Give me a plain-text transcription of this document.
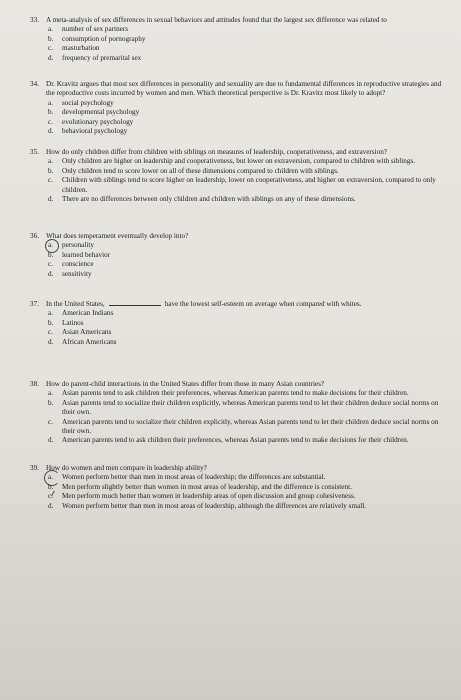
33. A meta-analysis of sex differences in sexual behaviors and attitudes found that the largest sex difference was related to
a.	number of sex partners
b.	consumption of pornography
c.	masturbation
d.	frequency of premarital sex
34. Dr. Kravitz argues that most sex differences in personality and sexuality are due to fundamental differences in reproductive strategies and the reproductive costs incurred by women and men. Which theoretical perspective is Dr. Kravitz most likely to adopt?
a.	social psychology
b.	developmental psychology
c.	evolutionary psychology
d.	behavioral psychology
35. How do only children differ from children with siblings on measures of leadership, cooperativeness, and extraversion?
a.	Only children are higher on leadership and cooperativeness, but lower on extraversion, compared to children with siblings.
b.	Only children tend to score lower on all of these dimensions compared to children with siblings.
c.	Children with siblings tend to score higher on leadership, lower on cooperativeness, and higher on extraversion, compared to only children.
d.	There are no differences between only children and children with siblings on any of these dimensions.
36. What does temperament eventually develop into?
a.	personality
b.	learned behavior
c.	conscience
d.	sensitivity
37. In the United States,	have the lowest self-esteem on average when compared with whites.
a.	American Indians
b.	Latinos
c.	Asian Americans
d.	African Americans
38. How do parent-child interactions in the United States differ from those in many Asian countries?
a.	Asian parents tend to ask children their preferences, whereas American parents tend to make decisions for their children.
b.	Asian parents tend to socialize their children explicitly, whereas American parents tend to let their children deduce social norms on their own.
c.	American parents tend to socialize their children explicitly, whereas Asian parents tend to let their children deduce social norms on their own.
d.	American parents tend to ask children their preferences, whereas Asian parents tend to make decisions for their children.
39. How do women and men compare in leadership ability?
a.	Women perform better than men in most areas of leadership; the differences are substantial.
b.	Men perform slightly better than women in most areas of leadership, and the difference is consistent.
c.	Men perform much better than women in leadership areas of open discussion and group cohesiveness.
d.	Women perform better than men in most areas of leadership, although the differences are relatively small.
